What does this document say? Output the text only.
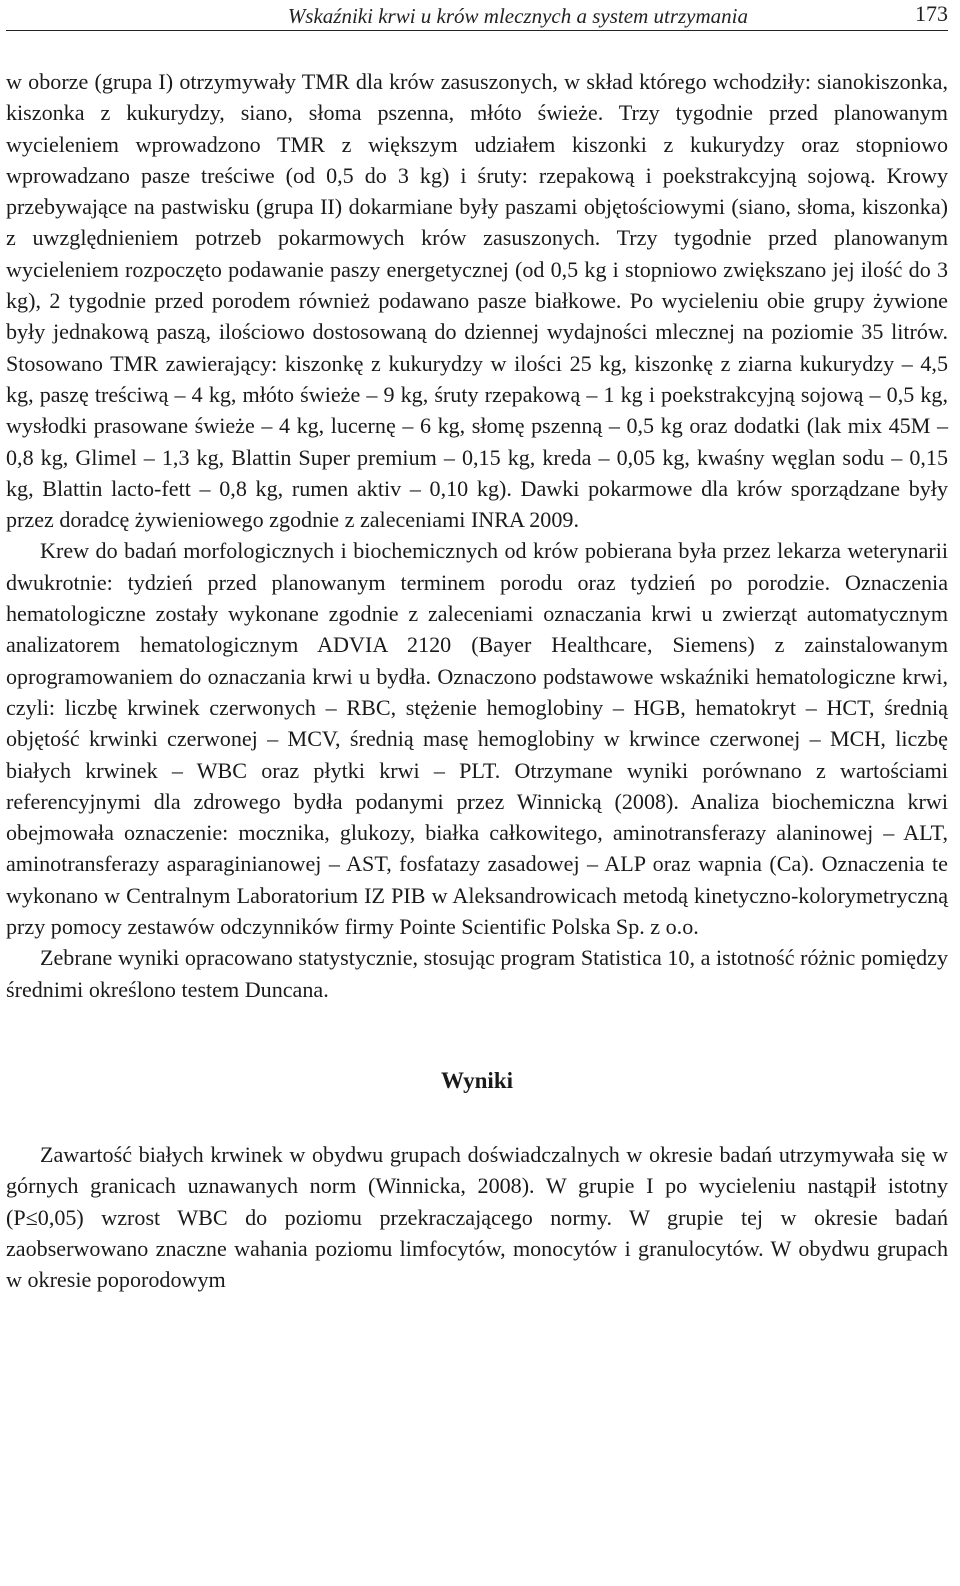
Wskaźniki krwi u krów mlecznych a system utrzymania	173

w oborze (grupa I) otrzymywały TMR dla krów zasuszonych, w skład którego wchodziły: sianokiszonka, kiszonka z kukurydzy, siano, słoma pszenna, młóto świeże. Trzy tygodnie przed planowanym wycieleniem wprowadzono TMR z większym udziałem kiszonki z kukurydzy oraz stopniowo wprowadzano pasze treściwe (od 0,5 do 3 kg) i śruty: rzepakową i poekstrakcyjną sojową. Krowy przebywające na pastwisku (grupa II) dokarmiane były paszami objętościowymi (siano, słoma, kiszonka) z uwzględnieniem potrzeb pokarmowych krów zasuszonych. Trzy tygodnie przed planowanym wycieleniem rozpoczęto podawanie paszy energetycznej (od 0,5 kg i stopniowo zwiększano jej ilość do 3 kg), 2 tygodnie przed porodem również podawano pasze białkowe. Po wycieleniu obie grupy żywione były jednakową paszą, ilościowo dostosowaną do dziennej wydajności mlecznej na poziomie 35 litrów. Stosowano TMR zawierający: kiszonkę z kukurydzy w ilości 25 kg, kiszonkę z ziarna kukurydzy – 4,5 kg, paszę treściwą – 4 kg, młóto świeże – 9 kg, śruty rzepakową – 1 kg i poekstrakcyjną sojową – 0,5 kg, wysłodki prasowane świeże – 4 kg, lucernę – 6 kg, słomę pszenną – 0,5 kg oraz dodatki (lak mix 45M – 0,8 kg, Glimel – 1,3 kg, Blattin Super premium – 0,15 kg, kreda – 0,05 kg, kwaśny węglan sodu – 0,15 kg, Blattin lacto-fett – 0,8 kg, rumen aktiv – 0,10 kg). Dawki pokarmowe dla krów sporządzane były przez doradcę żywieniowego zgodnie z zaleceniami INRA 2009.

Krew do badań morfologicznych i biochemicznych od krów pobierana była przez lekarza weterynarii dwukrotnie: tydzień przed planowanym terminem porodu oraz tydzień po porodzie. Oznaczenia hematologiczne zostały wykonane zgodnie z zaleceniami oznaczania krwi u zwierząt automatycznym analizatorem hematologicznym ADVIA 2120 (Bayer Healthcare, Siemens) z zainstalowanym oprogramowaniem do oznaczania krwi u bydła. Oznaczono podstawowe wskaźniki hematologiczne krwi, czyli: liczbę krwinek czerwonych – RBC, stężenie hemoglobiny – HGB, hematokryt – HCT, średnią objętość krwinki czerwonej – MCV, średnią masę hemoglobiny w krwince czerwonej – MCH, liczbę białych krwinek – WBC oraz płytki krwi – PLT. Otrzymane wyniki porównano z wartościami referencyjnymi dla zdrowego bydła podanymi przez Winnicką (2008). Analiza biochemiczna krwi obejmowała oznaczenie: mocznika, glukozy, białka całkowitego, aminotransferazy alaninowej – ALT, aminotransferazy asparaginianowej – AST, fosfatazy zasadowej – ALP oraz wapnia (Ca). Oznaczenia te wykonano w Centralnym Laboratorium IZ PIB w Aleksandrowicach metodą kinetyczno-kolorymetryczną przy pomocy zestawów odczynników firmy Pointe Scientific Polska Sp. z o.o.

Zebrane wyniki opracowano statystycznie, stosując program Statistica 10, a istotność różnic pomiędzy średnimi określono testem Duncana.

Wyniki

Zawartość białych krwinek w obydwu grupach doświadczalnych w okresie badań utrzymywała się w górnych granicach uznawanych norm (Winnicka, 2008). W grupie I po wycieleniu nastąpił istotny (P≤0,05) wzrost WBC do poziomu przekraczającego normy. W grupie tej w okresie badań zaobserwowano znaczne wahania poziomu limfocytów, monocytów i granulocytów. W obydwu grupach w okresie poporodowym
